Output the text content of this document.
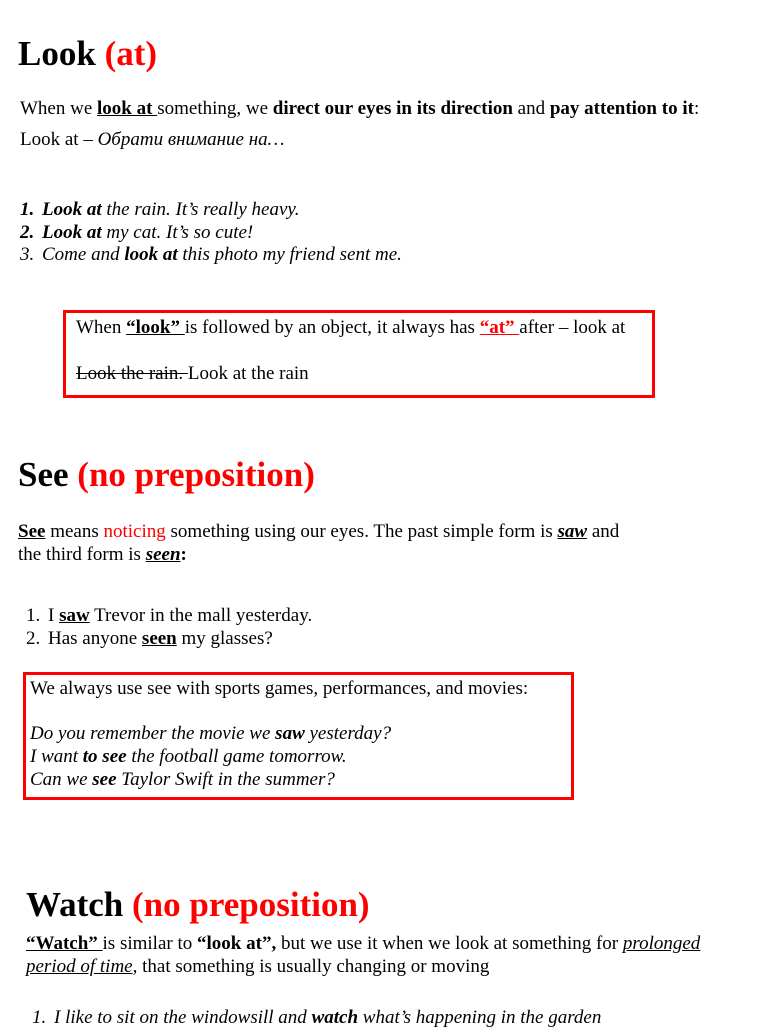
Look (at)
When we look at something, we direct our eyes in its direction and pay attention to it:
Look at – Обрати внимание на…
1. Look at the rain. It’s really heavy.
2. Look at my cat. It’s so cute!
3. Come and look at this photo my friend sent me.
When “look” is followed by an object, it always has “at” after – look at
Look the rain. Look at the rain
See (no preposition)
See means noticing something using our eyes. The past simple form is saw and
the third form is seen:
1. I saw Trevor in the mall yesterday.
2. Has anyone seen my glasses?
We always use see with sports games, performances, and movies:
Do you remember the movie we saw yesterday?
I want to see the football game tomorrow.
Can we see Taylor Swift in the summer?
Watch (no preposition)
“Watch” is similar to “look at”, but we use it when we look at something for prolonged
period of time, that something is usually changing or moving
1. I like to sit on the windowsill and watch what’s happening in the garden
